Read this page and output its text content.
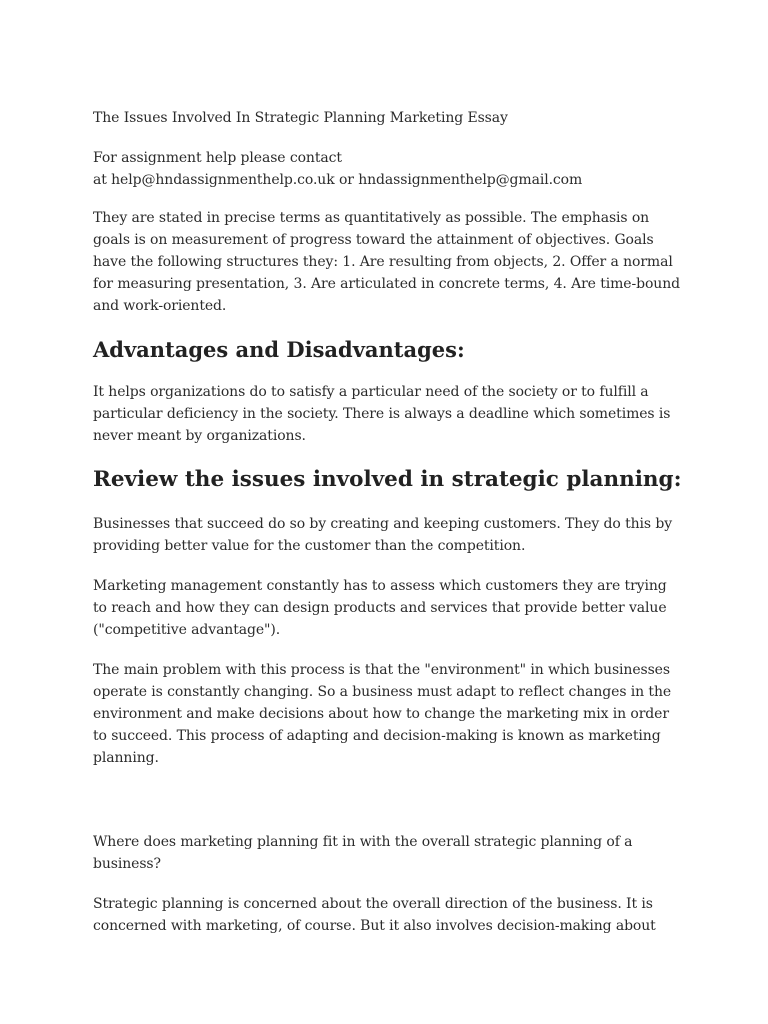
The Issues Involved In Strategic Planning Marketing Essay

For assignment help please contact
at help@hndassignmenthelp.co.uk or hndassignmenthelp@gmail.com

They are stated in precise terms as quantitatively as possible. The emphasis on goals is on measurement of progress toward the attainment of objectives. Goals have the following structures they: 1. Are resulting from objects, 2. Offer a normal for measuring presentation, 3. Are articulated in concrete terms, 4. Are time-bound and work-oriented.

Advantages and Disadvantages:

It helps organizations do to satisfy a particular need of the society or to fulfill a particular deficiency in the society. There is always a deadline which sometimes is never meant by organizations.

Review the issues involved in strategic planning:

Businesses that succeed do so by creating and keeping customers. They do this by providing better value for the customer than the competition.

Marketing management constantly has to assess which customers they are trying to reach and how they can design products and services that provide better value ("competitive advantage").

The main problem with this process is that the "environment" in which businesses operate is constantly changing. So a business must adapt to reflect changes in the environment and make decisions about how to change the marketing mix in order to succeed. This process of adapting and decision-making is known as marketing planning.

Where does marketing planning fit in with the overall strategic planning of a business?

Strategic planning is concerned about the overall direction of the business. It is concerned with marketing, of course. But it also involves decision-making about
